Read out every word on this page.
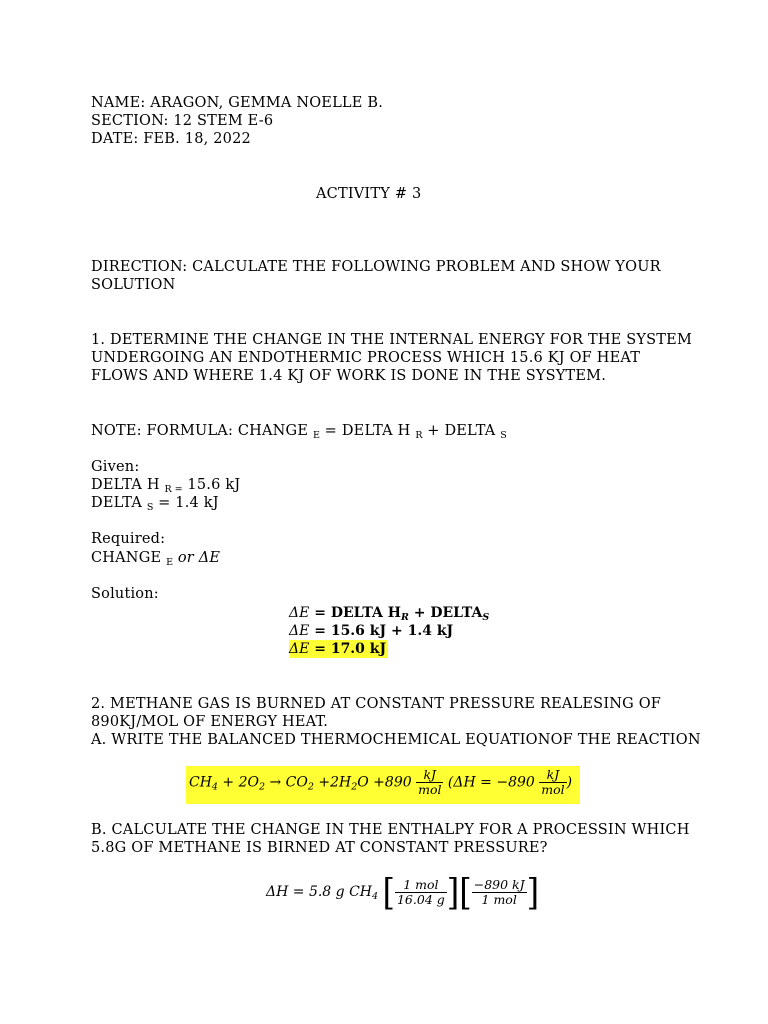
NAME: ARAGON, GEMMA NOELLE B.
SECTION: 12 STEM E-6
DATE: FEB. 18, 2022
ACTIVITY # 3
DIRECTION: CALCULATE THE FOLLOWING PROBLEM AND SHOW YOUR
SOLUTION
1. DETERMINE THE CHANGE IN THE INTERNAL ENERGY FOR THE SYSTEM
UNDERGOING AN ENDOTHERMIC PROCESS WHICH 15.6 KJ OF HEAT
FLOWS AND WHERE 1.4 KJ OF WORK IS DONE IN THE SYSYTEM.
NOTE: FORMULA: CHANGE $_E$ = DELTA H $_R$ + DELTA $_S$
Given:
DELTA H $_{R =}$ 15.6 kJ
DELTA $_S$ = 1.4 kJ
Required:
CHANGE $_E$ or ΔE
Solution:
ΔE = DELTA $H_R$ + $DELTA_S$
ΔE = 15.6 kJ + 1.4 kJ
ΔE = 17.0 kJ
2. METHANE GAS IS BURNED AT CONSTANT PRESSURE REALESING OF
890KJ/MOL OF ENERGY HEAT.
A. WRITE THE BALANCED THERMOCHEMICAL EQUATIONOF THE REACTION
$CH_4 + 2O_2 \to CO_2 +2H_2O +890 \frac{kJ}{\text{mol}} (\Delta H = -890 \frac{kJ}{\text{mol}}$ )
B. CALCULATE THE CHANGE IN THE ENTHALPY FOR A PROCESSIN WHICH
5.8G OF METHANE IS BIRNED AT CONSTANT PRESSURE?
ΔH = 5.8 g $CH_4$ [ $\frac{\text{1 mol}}{16.04 g}$ ][ $\frac{-890 kJ}{\text{1 mol}}$ ]
